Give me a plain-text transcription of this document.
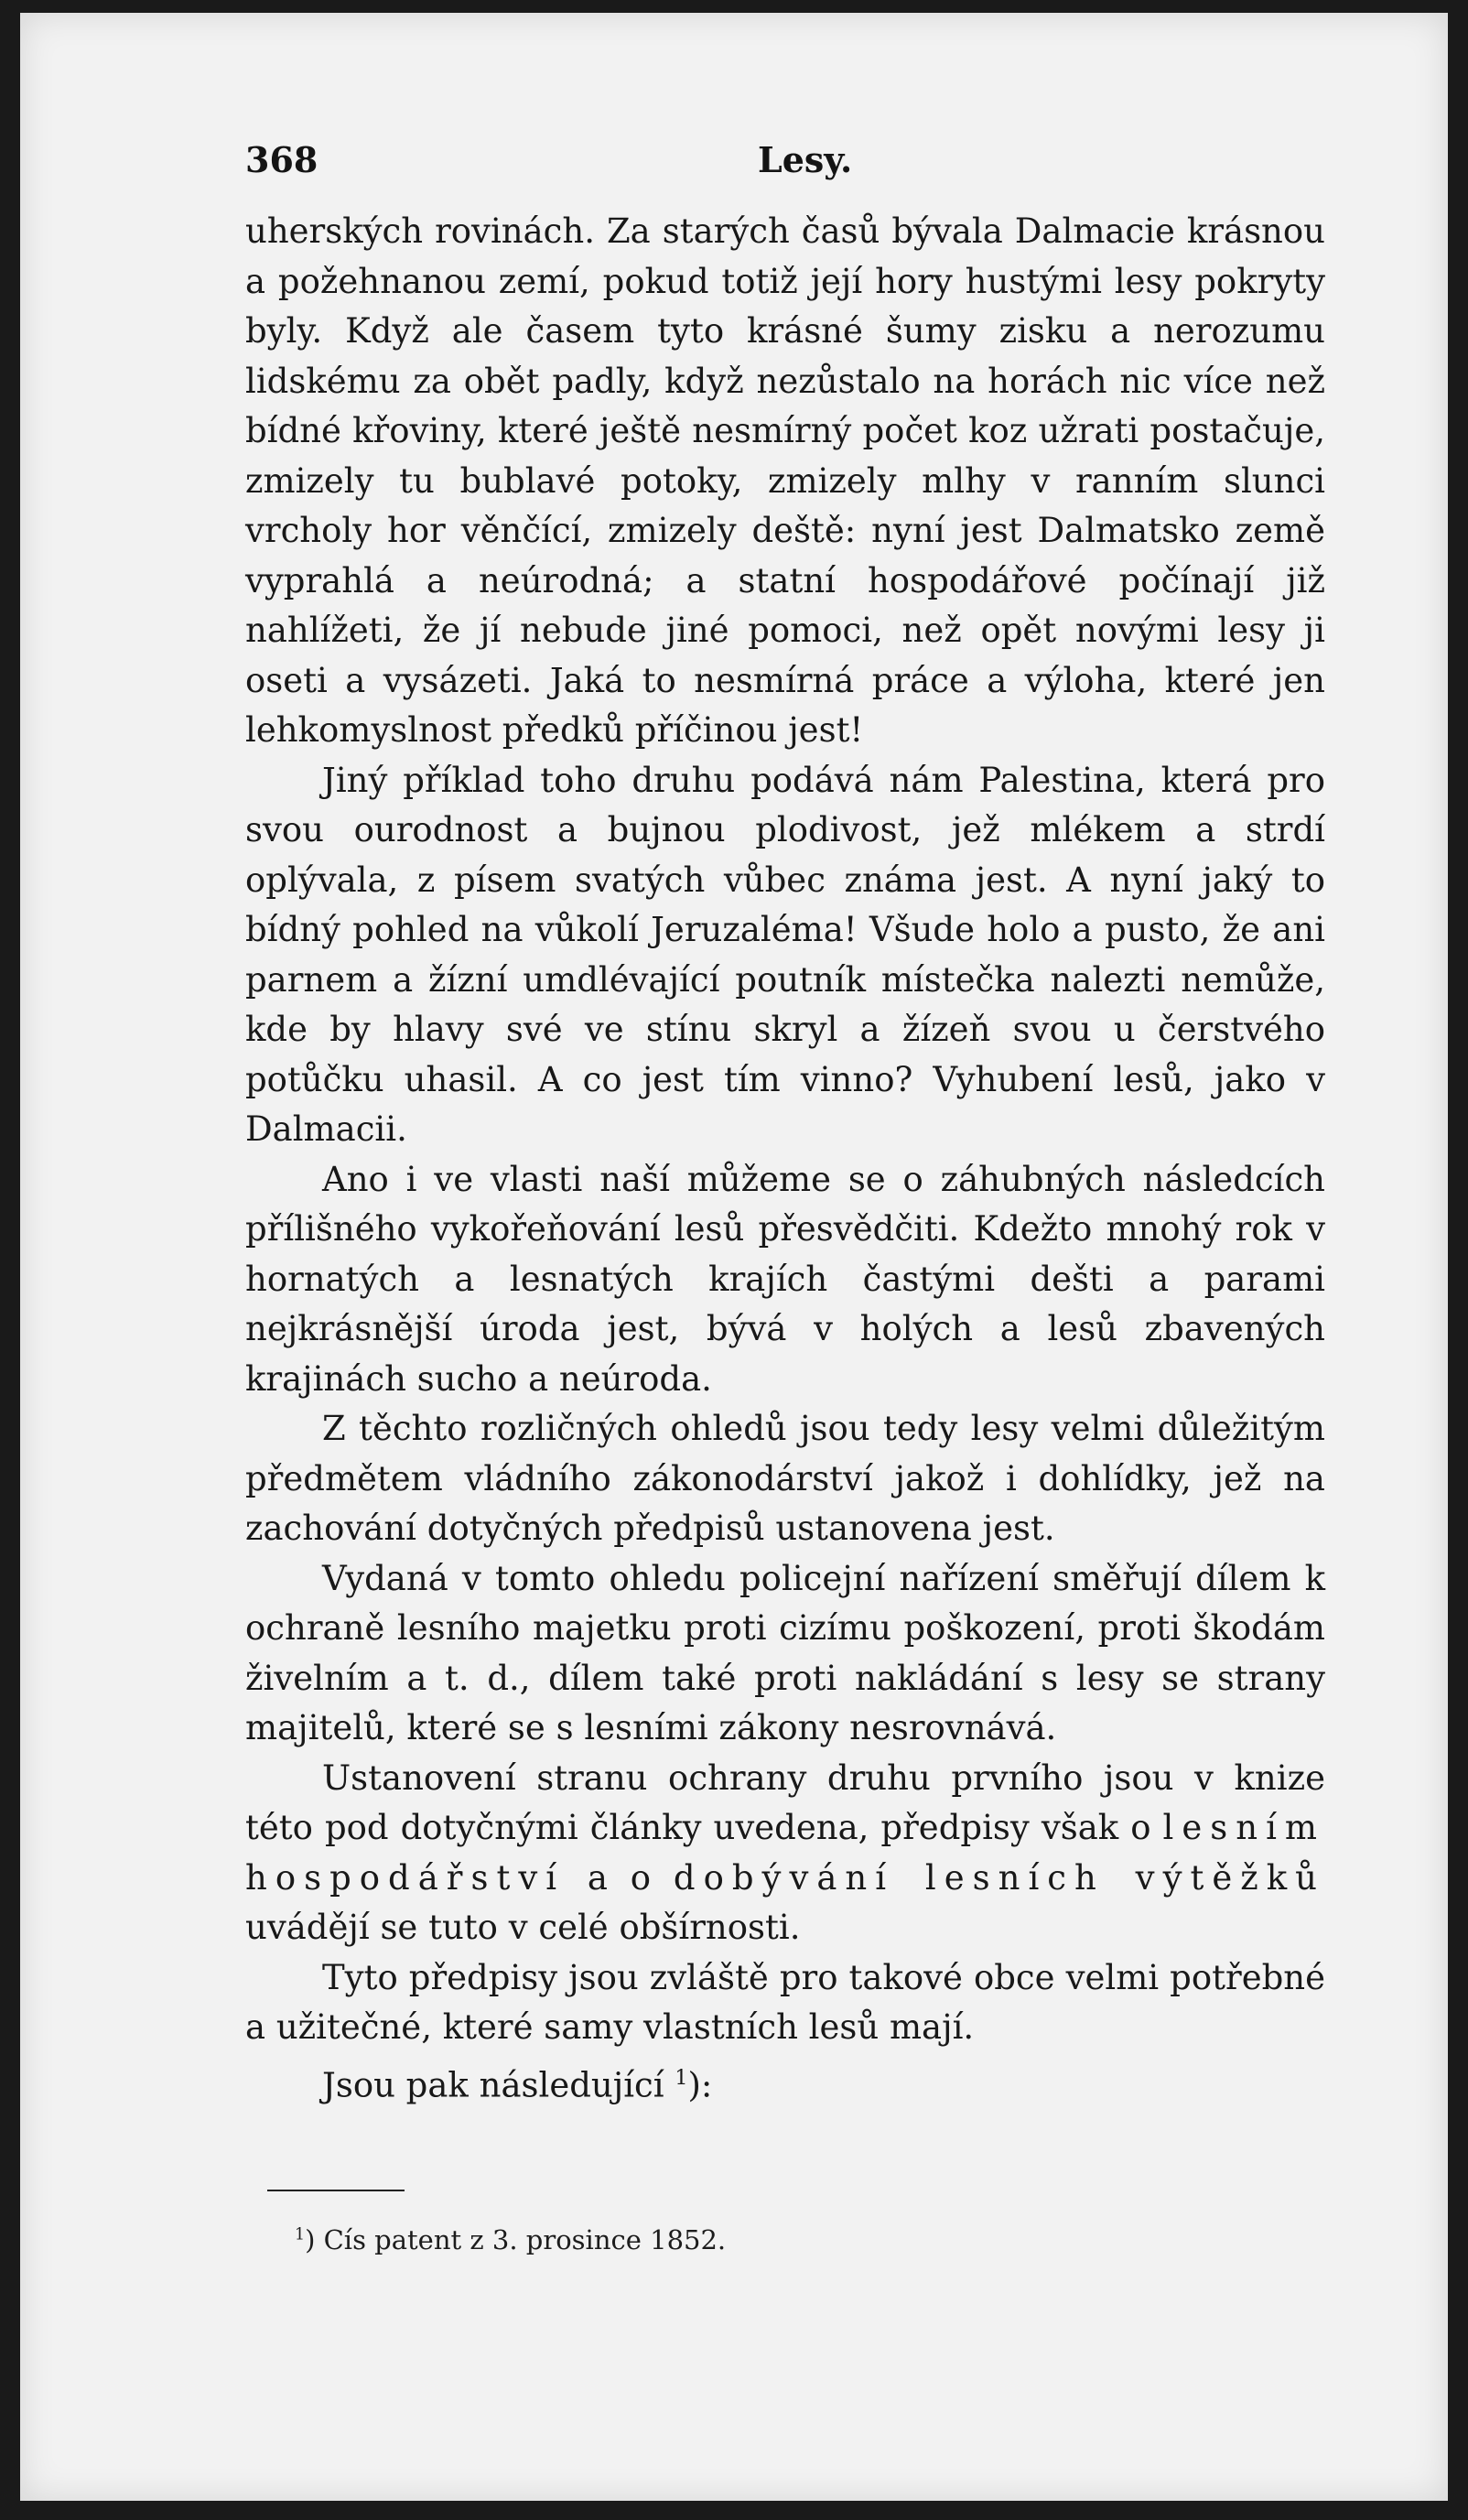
368	Lesy.

uherských rovinách. Za starých časů bývala Dalmacie krásnou a požehnanou zemí, pokud totiž její hory hustými lesy pokryty byly. Když ale časem tyto krásné šumy zisku a nerozumu lidskému za obět padly, když nezůstalo na horách nic více než bídné křoviny, které ještě nesmírný počet koz užrati postačuje, zmizely tu bublavé potoky, zmizely mlhy v ranním slunci vrcholy hor věnčící, zmizely deště: nyní jest Dalmatsko země vyprahlá a neúrodná; a statní hospodářové počínají již nahlížeti, že jí nebude jiné pomoci, než opět novými lesy ji oseti a vysázeti. Jaká to nesmírná práce a výloha, které jen lehkomyslnost předků příčinou jest!

Jiný příklad toho druhu podává nám Palestina, která pro svou ourodnost a bujnou plodivost, jež mlékem a strdí oplývala, z písem svatých vůbec známa jest. A nyní jaký to bídný pohled na vůkolí Jeruzaléma! Všude holo a pusto, že ani parnem a žízní umdlévající poutník místečka nalezti nemůže, kde by hlavy své ve stínu skryl a žízeň svou u čerstvého potůčku uhasil. A co jest tím vinno? Vyhubení lesů, jako v Dalmacii.

Ano i ve vlasti naší můžeme se o záhubných následcích přílišného vykořeňování lesů přesvědčiti. Kdežto mnohý rok v hornatých a lesnatých krajích častými dešti a parami nejkrásnější úroda jest, bývá v holých a lesů zbavených krajinách sucho a neúroda.

Z těchto rozličných ohledů jsou tedy lesy velmi důležitým předmětem vládního zákonodárství jakož i dohlídky, jež na zachování dotyčných předpisů ustanovena jest.

Vydaná v tomto ohledu policejní nařízení směřují dílem k ochraně lesního majetku proti cizímu poškození, proti škodám živelním a t. d., dílem také proti nakládání s lesy se strany majitelů, které se s lesními zákony nesrovnává.

Ustanovení stranu ochrany druhu prvního jsou v knize této pod dotyčnými články uvedena, předpisy však o lesním hospodářství a o dobývání lesních výtěžků uvádějí se tuto v celé obšírnosti.

Tyto předpisy jsou zvláště pro takové obce velmi potřebné a užitečné, které samy vlastních lesů mají.

Jsou pak následující $^1$):

$^1$) Cís patent z 3. prosince 1852.
